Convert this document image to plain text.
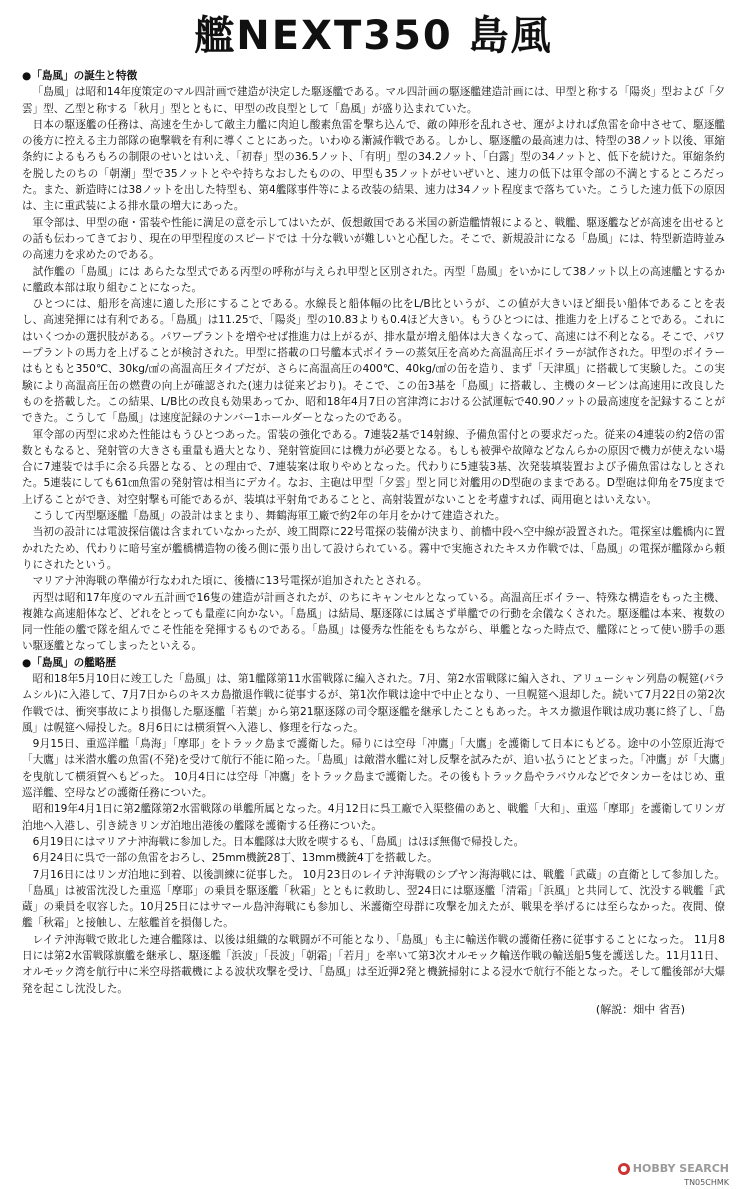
艦NEXT350 島風
●「島風」の誕生と特徴

「島風」は昭和14年度策定のマル四計画で建造が決定した駆逐艦である。マル四計画の駆逐艦建造計画には、甲型と称する「陽炎」型および「夕雲」型、乙型と称する「秋月」型とともに、甲型の改良型として「島風」が盛り込まれていた。

日本の駆逐艦の任務は、高速を生かして敵主力艦に肉迫し酸素魚雷を撃ち込んで、敵の陣形を乱れさせ、運がよければ魚雷を命中させて、駆逐艦の後方に控える主力部隊の砲撃戦を有利に導くことにあった。いわゆる漸減作戦である。しかし、駆逐艦の最高速力は、特型の38ノット以後、軍縮条約によるもろもろの制限のせいとはいえ、「初春」型の36.5ノット、「有明」型の34.2ノット、「白露」型の34ノットと、低下を続けた。軍縮条約を脱したのちの「朝潮」型で35ノットとやや持ちなおしたものの、甲型も35ノットがせいぜいと、速力の低下は軍令部の不満とするところだった。また、新造時には38ノットを出した特型も、第4艦隊事件等による改装の結果、速力は34ノット程度まで落ちていた。こうした速力低下の原因は、主に重武装による排水量の増大にあった。

軍令部は、甲型の砲・雷装や性能に満足の意を示してはいたが、仮想敵国である米国の新造艦情報によると、戦艦、駆逐艦などが高速を出せるとの話も伝わってきており、現在の甲型程度のスピードでは 十分な戦いが難しいと心配した。そこで、新規設計になる「島風」には、特型新造時並みの高速力を求めたのである。

試作艦の「島風」には あらたな型式である丙型の呼称が与えられ甲型と区別された。丙型「島風」をいかにして38ノット以上の高速艦とするかに艦政本部は取り組むことになった。

ひとつには、船形を高速に適した形にすることである。水線長と船体幅の比をL/B比というが、この値が大きいほど細長い船体であることを表し、高速発揮には有利である。「島風」は11.25で、「陽炎」型の10.83よりも0.4ほど大きい。もうひとつには、推進力を上げることである。これにはいくつかの選択肢がある。パワープラントを増やせば推進力は上がるが、排水量が増え船体は大きくなって、高速には不利となる。そこで、パワープラントの馬力を上げることが検討された。甲型に搭載の口号艦本式ボイラーの蒸気圧を高めた高温高圧ボイラーが試作された。甲型のボイラーはもともと350℃、30kg/㎠の高温高圧タイプだが、さらに高温高圧の400℃、40kg/㎠の缶を造り、まず「天津風」に搭載して実験した。この実験により高温高圧缶の燃費の向上が確認された(速力は従来どおり)。そこで、この缶3基を「島風」に搭載し、主機のタービンは高速用に改良したものを搭載した。この結果、L/B比の改良も効果あってか、昭和18年4月7日の宮津湾における公試運転で40.90ノットの最高速度を記録することができた。こうして「島風」は速度記録のナンバー1ホールダーとなったのである。

軍令部の丙型に求めた性能はもうひとつあった。雷装の強化である。7連装2基で14射線、予備魚雷付との要求だった。従来の4連装の約2倍の雷数ともなると、発射管の大きさも重量も過大となり、発射管旋回には機力が必要となる。もしも被弾や故障などなんらかの原因で機力が使えない場合に7連装では手に余る兵器となる、との理由で、7連装案は取りやめとなった。代わりに5連装3基、次発装填装置および予備魚雷はなしとされた。5連装にしても61㎝魚雷の発射管は相当にデカイ。なお、主砲は甲型「夕雲」型と同じ対艦用のD型砲のままである。D型砲は仰角を75度まで上げることができ、対空射撃も可能であるが、装填は平射角であることと、高射装置がないことを考慮すれば、両用砲とはいえない。

こうして丙型駆逐艦「島風」の設計はまとまり、舞鶴海軍工廠で約2年の年月をかけて建造された。

当初の設計には電波探信儀は含まれていなかったが、竣工間際に22号電探の装備が決まり、前檣中段へ空中線が設置された。電探室は艦橋内に置かれたため、代わりに暗号室が艦橋構造物の後ろ側に張り出して設けられている。霧中で実施されたキスカ作戦では、「島風」の電探が艦隊から頼りにされたという。

マリアナ沖海戦の準備が行なわれた頃に、後檣に13号電探が追加されたとされる。

丙型は昭和17年度のマル五計画で16隻の建造が計画されたが、のちにキャンセルとなっている。高温高圧ボイラー、特殊な構造をもった主機、複雑な高速船体など、どれをとっても量産に向かない。「島風」は結局、駆逐隊には属さず単艦での行動を余儀なくされた。駆逐艦は本来、複数の同一性能の艦で隊を組んでこそ性能を発揮するものである。「島風」は優秀な性能をもちながら、単艦となった時点で、艦隊にとって使い勝手の悪い駆逐艦となってしまったといえる。

●「島風」の艦略歴

昭和18年5月10日に竣工した「島風」は、第1艦隊第11水雷戦隊に編入された。7月、第2水雷戦隊に編入され、アリューシャン列島の幌筵(パラムシル)に入港して、7月7日からのキスカ島撤退作戦に従事するが、第1次作戦は途中で中止となり、一旦幌筵へ退却した。続いて7月22日の第2次作戦では、衝突事故により損傷した駆逐艦「若葉」から第21駆逐隊の司令駆逐艦を継承したこともあった。キスカ撤退作戦は成功裏に終了し、「島風」は幌筵へ帰投した。8月6日には横須賀へ入港し、修理を行なった。

9月15日、重巡洋艦「鳥海」「摩耶」をトラック島まで護衛した。帰りには空母「冲鷹」「大鷹」を護衛して日本にもどる。途中の小笠原近海で「大鷹」は米潜水艦の魚雷(不発)を受けて航行不能に陥った。「島風」は敵潜水艦に対し反撃を試みたが、追い払うにとどまった。「冲鷹」が「大鷹」を曳航して横須賀へもどった。 10月4日には空母「冲鷹」をトラック島まで護衛した。その後もトラック島やラバウルなどでタンカーをはじめ、重巡洋艦、空母などの護衛任務についた。

昭和19年4月1日に第2艦隊第2水雷戦隊の単艦所属となった。4月12日に呉工廠で入渠整備のあと、戦艦「大和」、重巡「摩耶」を護衛してリンガ泊地へ入港し、引き続きリンガ泊地出港後の艦隊を護衛する任務についた。

6月19日にはマリアナ沖海戦に参加した。日本艦隊は大敗を喫するも、「島風」はほぼ無傷で帰投した。

6月24日に呉で一部の魚雷をおろし、25mm機銃28丁、13mm機銃4丁を搭載した。

7月16日にはリンガ泊地に到着、以後訓練に従事した。 10月23日のレイテ沖海戦のシブヤン海海戦には、戦艦「武蔵」の直衛として参加した。「島風」は被雷沈没した重巡「摩耶」の乗員を駆逐艦「秋霜」とともに救助し、翌24日には駆逐艦「清霜」「浜風」と共同して、沈没する戦艦「武蔵」の乗員を収容した。10月25日にはサマール島沖海戦にも参加し、米護衛空母群に攻撃を加えたが、戦果を挙げるには至らなかった。夜間、僚艦「秋霜」と接触し、左舷艦首を損傷した。

レイテ沖海戦で敗北した連合艦隊は、以後は組織的な戦闘が不可能となり、「島風」も主に輸送作戦の護衛任務に従事することになった。 11月8日には第2水雷戦隊旗艦を継承し、駆逐艦「浜波」「長波」「朝霜」「若月」を率いて第3次オルモック輸送作戦の輸送船5隻を護送した。11月11日、オルモック湾を航行中に米空母搭載機による波状攻撃を受け、「島風」は至近弾2発と機銃掃射による浸水で航行不能となった。そして艦後部が大爆発を起こし沈没した。

(解説：畑中 省吾)
● HOBBY SEARCH
TN05CHMK
